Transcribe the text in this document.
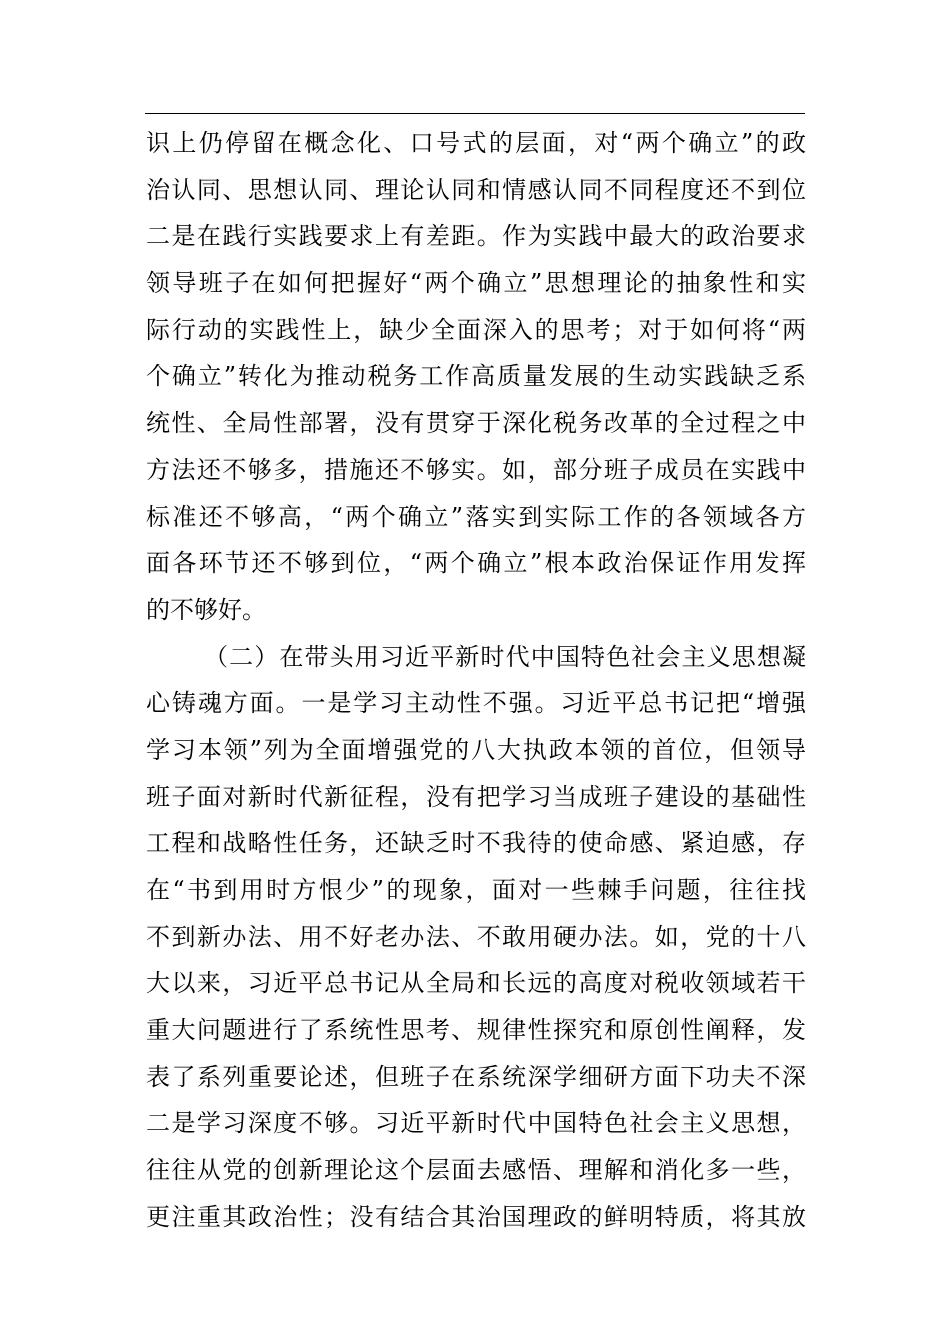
识上仍停留在概念化、口号式的层面，对“两个确立”的政
治认同、思想认同、理论认同和情感认同不同程度还不到位
二是在践行实践要求上有差距。作为实践中最大的政治要求
领导班子在如何把握好“两个确立”思想理论的抽象性和实
际行动的实践性上，缺少全面深入的思考；对于如何将“两
个确立”转化为推动税务工作高质量发展的生动实践缺乏系
统性、全局性部署，没有贯穿于深化税务改革的全过程之中
方法还不够多，措施还不够实。如，部分班子成员在实践中
标准还不够高，“两个确立”落实到实际工作的各领域各方
面各环节还不够到位，“两个确立”根本政治保证作用发挥
的不够好。
（二）在带头用习近平新时代中国特色社会主义思想凝
心铸魂方面。一是学习主动性不强。习近平总书记把“增强
学习本领”列为全面增强党的八大执政本领的首位，但领导
班子面对新时代新征程，没有把学习当成班子建设的基础性
工程和战略性任务，还缺乏时不我待的使命感、紧迫感，存
在“书到用时方恨少”的现象，面对一些棘手问题，往往找
不到新办法、用不好老办法、不敢用硬办法。如，党的十八
大以来，习近平总书记从全局和长远的高度对税收领域若干
重大问题进行了系统性思考、规律性探究和原创性阐释，发
表了系列重要论述，但班子在系统深学细研方面下功夫不深
二是学习深度不够。习近平新时代中国特色社会主义思想，
往往从党的创新理论这个层面去感悟、理解和消化多一些，
更注重其政治性；没有结合其治国理政的鲜明特质，将其放
